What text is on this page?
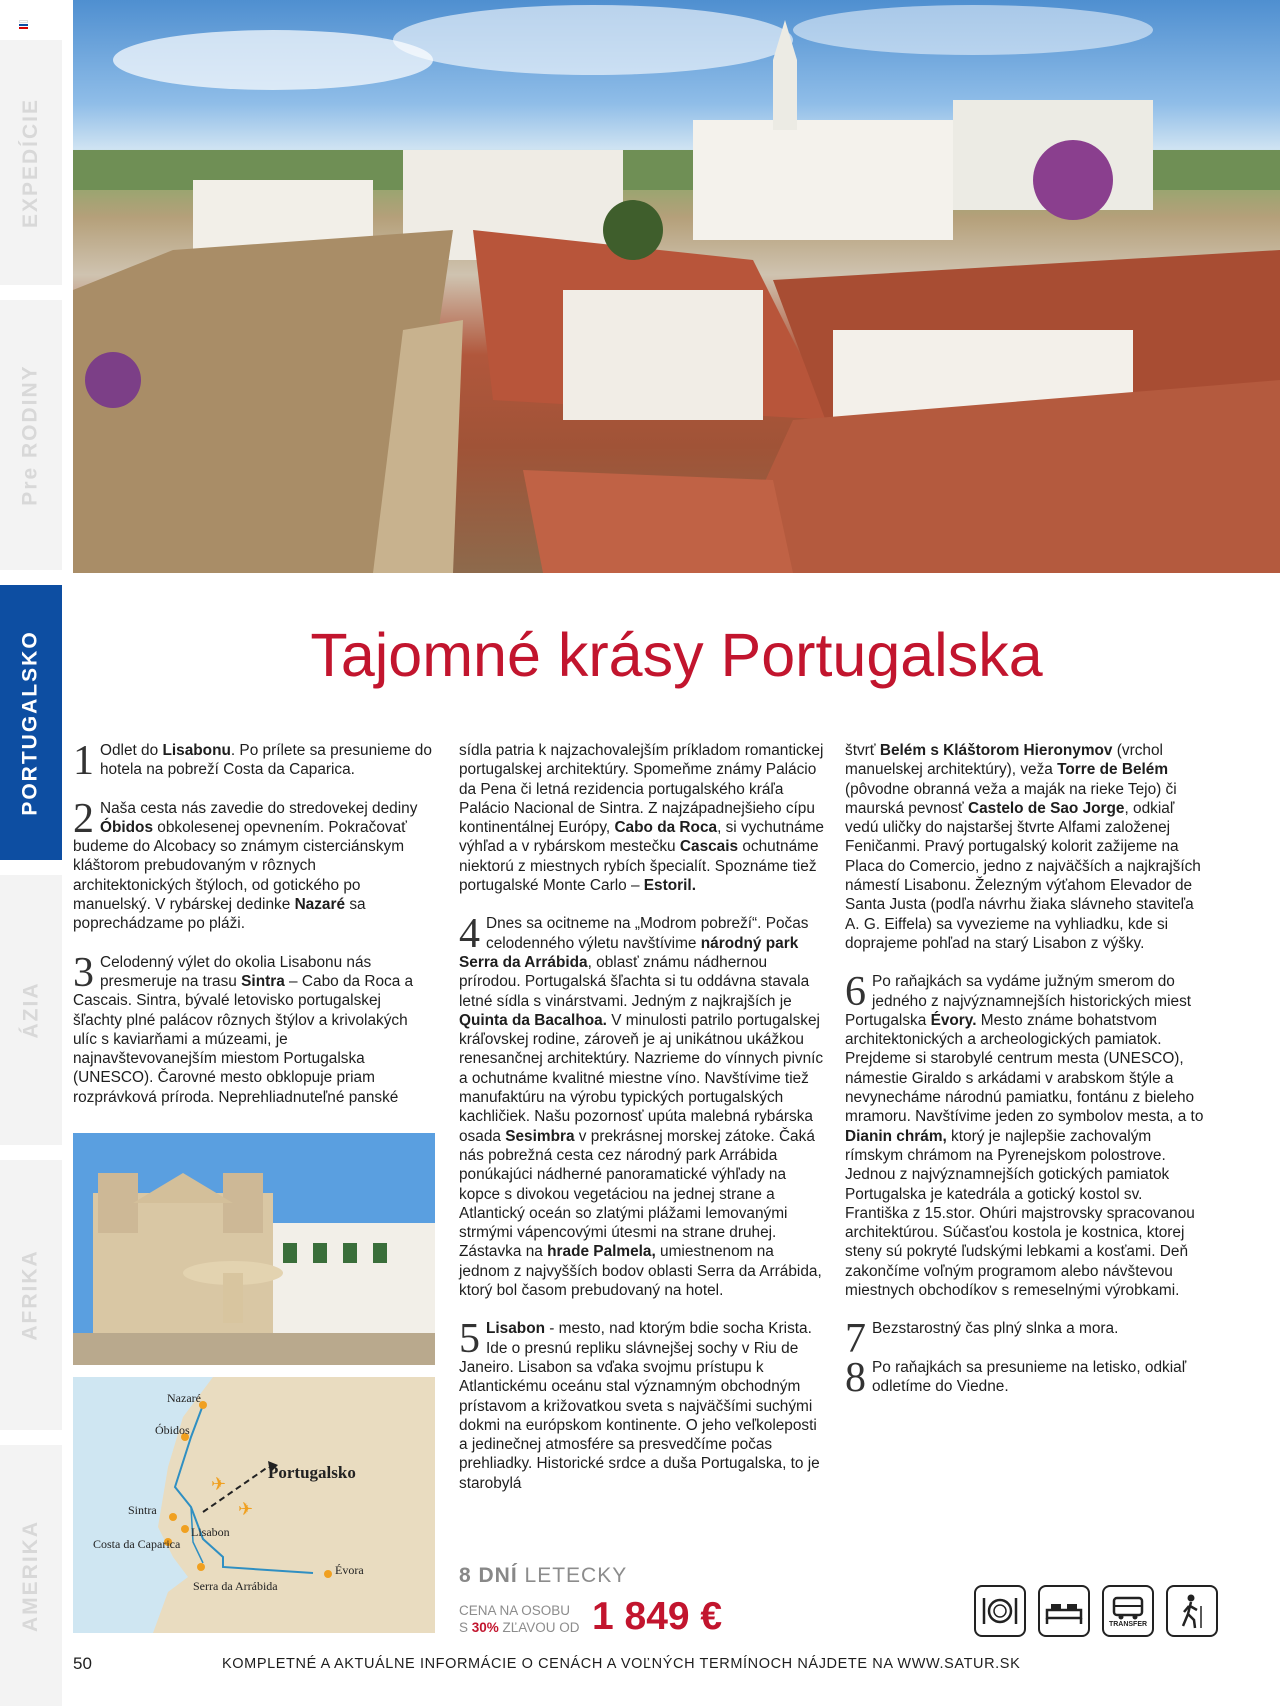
EXPEDÍCIE
Pre RODINY
PORTUGALSKO
ÁZIA
AFRIKA
AMERIKA
Tajomné krásy Portugalska

1 Odlet do Lisabonu. Po prílete sa presunieme do hotela na pobreží Costa da Caparica.

2 Naša cesta nás zavedie do stredovekej dediny Óbidos obkolesenej opevnením. Pokračovať budeme do Alcobacy so známym cisterciánskym kláštorom prebudovaným v rôznych architektonických štýloch, od gotického po manuelský. V rybárskej dedinke Nazaré sa poprechádzame po pláži.

3 Celodenný výlet do okolia Lisabonu nás presmeruje na trasu Sintra – Cabo da Roca a Cascais. Sintra, bývalé letovisko portugalskej šľachty plné palácov rôznych štýlov a krivolakých ulíc s kaviarňami a múzeami, je najnavštevovanejším miestom Portugalska (UNESCO). Čarovné mesto obklopuje priam rozprávková príroda. Neprehliadnuteľné panské

✈
✈
Portugalsko
Nazaré
Óbidos
Sintra
Lisabon
Costa da Caparica
Serra da Arrábida
Évora

sídla patria k najzachovalejším príkladom romantickej portugalskej architektúry. Spomeňme známy Palácio da Pena či letná rezidencia portugalského kráľa Palácio Nacional de Sintra. Z najzápadnejšieho cípu kontinentálnej Európy, Cabo da Roca, si vychutnáme výhľad a v rybárskom mestečku Cascais ochutnáme niektorú z miestnych rybích špecialít. Spoznáme tiež portugalské Monte Carlo – Estoril.

4 Dnes sa ocitneme na „Modrom pobreží“. Počas celodenného výletu navštívime národný park Serra da Arrábida, oblasť známu nádhernou prírodou. Portugalská šľachta si tu oddávna stavala letné sídla s vinárstvami. Jedným z najkrajších je Quinta da Bacalhoa. V minulosti patrilo portugalskej kráľovskej rodine, zároveň je aj unikátnou ukážkou renesančnej architektúry. Nazrieme do vínnych pivníc a ochutnáme kvalitné miestne víno. Navštívime tiež manufaktúru na výrobu typických portugalských kachličiek. Našu pozornosť upúta malebná rybárska osada Sesimbra v prekrásnej morskej zátoke. Čaká nás pobrežná cesta cez národný park Arrábida ponúkajúci nádherné panoramatické výhľady na kopce s divokou vegetáciou na jednej strane a Atlantický oceán so zlatými plážami lemovanými strmými vápencovými útesmi na strane druhej. Zástavka na hrade Palmela, umiestnenom na jednom z najvyšších bodov oblasti Serra da Arrábida, ktorý bol časom prebudovaný na hotel.

5 Lisabon - mesto, nad ktorým bdie socha Krista. Ide o presnú repliku slávnejšej sochy v Riu de Janeiro. Lisabon sa vďaka svojmu prístupu k Atlantickému oceánu stal významným obchodným prístavom a križovatkou sveta s najväčšími suchými dokmi na európskom kontinente. O jeho veľkoleposti a jedinečnej atmosfére sa presvedčíme počas prehliadky. Historické srdce a duša Portugalska, to je starobylá

štvrť Belém s Kláštorom Hieronymov (vrchol manuelskej architektúry), veža Torre de Belém (pôvodne obranná veža a maják na rieke Tejo) či maurská pevnosť Castelo de Sao Jorge, odkiaľ vedú uličky do najstaršej štvrte Alfami založenej Feničanmi. Pravý portugalský kolorit zažijeme na Placa do Comercio, jedno z najväčších a najkrajších námestí Lisabonu. Železným výťahom Elevador de Santa Justa (podľa návrhu žiaka slávneho staviteľa A. G. Eiffela) sa vyvezieme na vyhliadku, kde si doprajeme pohľad na starý Lisabon z výšky.

6 Po raňajkách sa vydáme južným smerom do jedného z najvýznamnejších historických miest Portugalska Évory. Mesto známe bohatstvom architektonických a archeologických pamiatok. Prejdeme si starobylé centrum mesta (UNESCO), námestie Giraldo s arkádami v arabskom štýle a nevynecháme národnú pamiatku, fontánu z bieleho mramoru. Navštívime jeden zo symbolov mesta, a to Dianin chrám, ktorý je najlepšie zachovalým rímskym chrámom na Pyrenejskom polostrove. Jednou z najvýznamnejších gotických pamiatok Portugalska je katedrála a gotický kostol sv. Františka z 15.stor. Ohúri majstrovsky spracovanou architektúrou. Súčasťou kostola je kostnica, ktorej steny sú pokryté ľudskými lebkami a kosťami. Deň zakončíme voľným programom alebo návštevou miestnych obchodíkov s remeselnými výrobkami.

7 Bezstarostný čas plný slnka a mora.

8 Po raňajkách sa presunieme na letisko, odkiaľ odletíme do Viedne.

8 DNÍ LETECKY
CENA NA OSOBU
S 30% ZĽAVOU OD 1 849 €	TRANSFER
50	KOMPLETNÉ A AKTUÁLNE INFORMÁCIE O CENÁCH A VOĽNÝCH TERMÍNOCH NÁJDETE NA WWW.SATUR.SK
